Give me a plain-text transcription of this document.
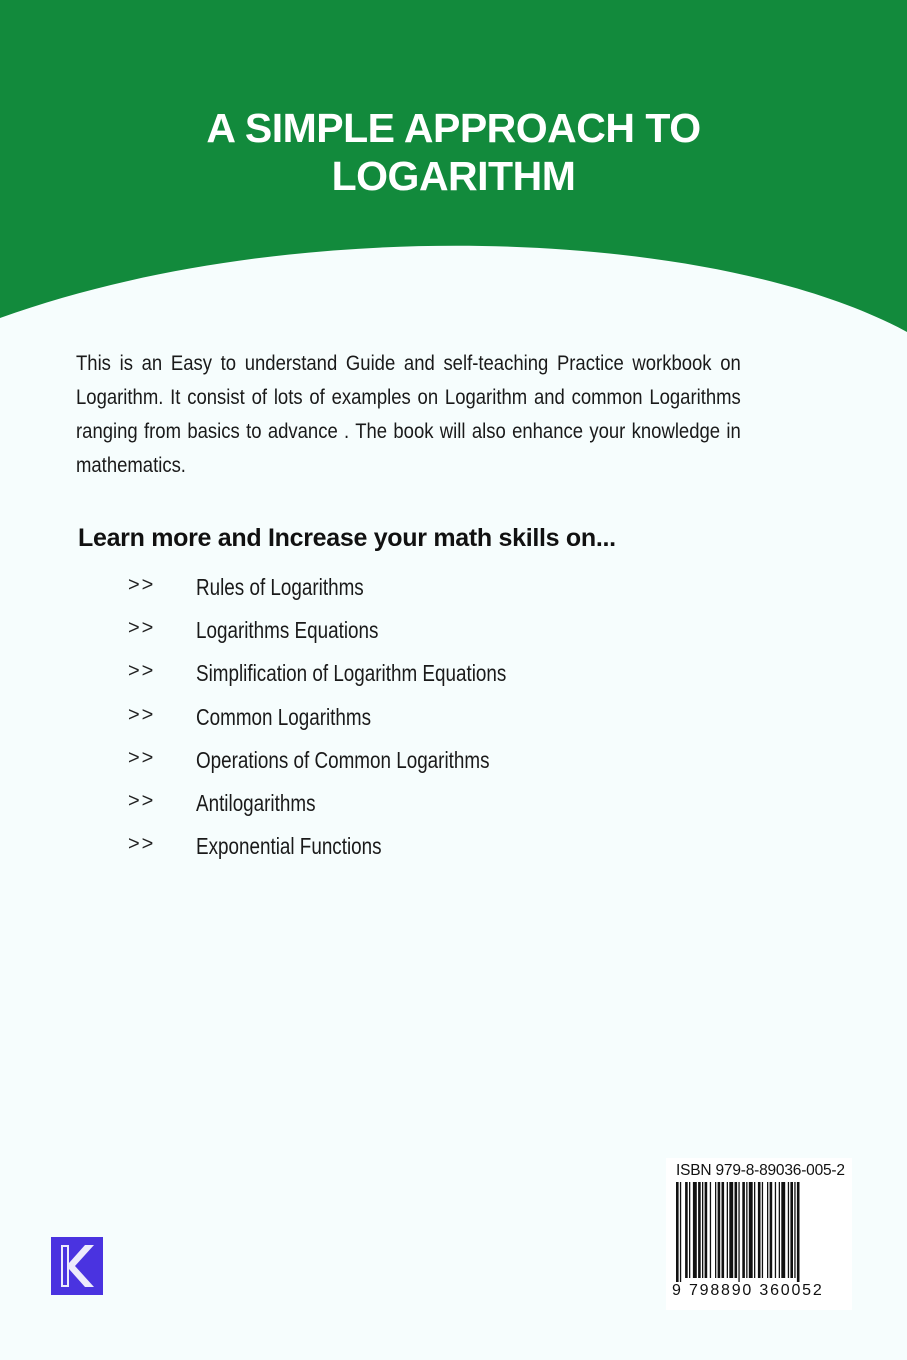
A SIMPLE APPROACH TO
LOGARITHM

This is an Easy to understand Guide and self-teaching Practice workbook on Logarithm. It consist of lots of examples on Logarithm and common Logarithms ranging from basics to advance . The book will also enhance your knowledge in mathematics.

Learn more and Increase your math skills on...
>> Rules of Logarithms
>> Logarithms Equations
>> Simplification of Logarithm Equations
>> Common Logarithms
>> Operations of Common Logarithms
>> Antilogarithms
>> Exponential Functions
ISBN 979-8-89036-005-2
9 798890 360052
